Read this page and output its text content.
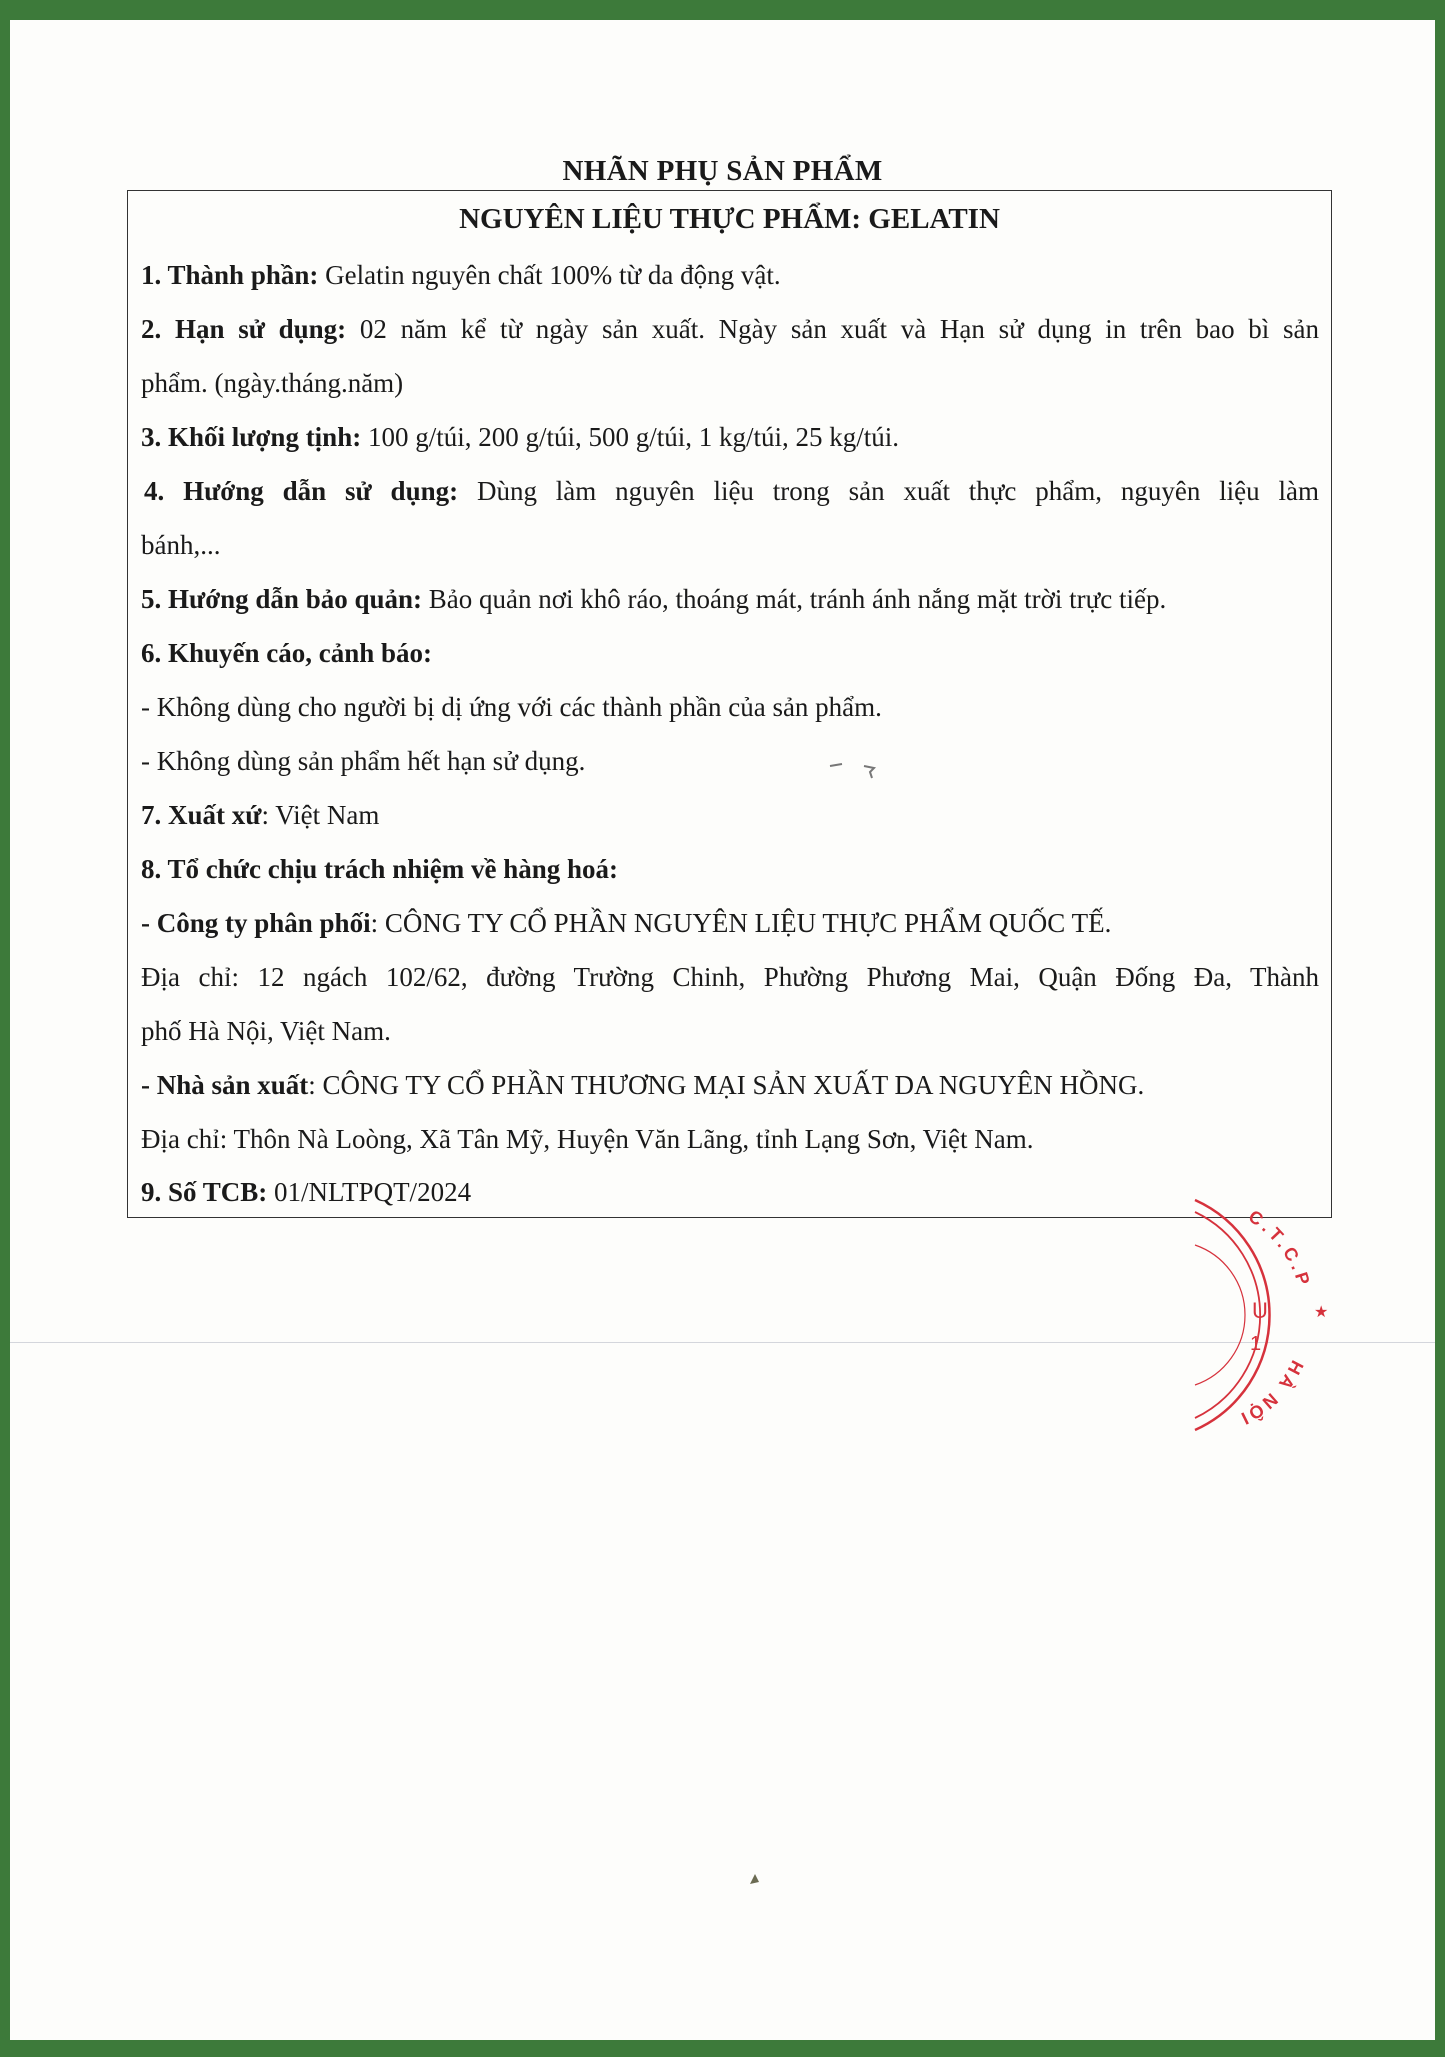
NHÃN PHỤ SẢN PHẨM
NGUYÊN LIỆU THỰC PHẨM: GELATIN
1. Thành phần: Gelatin nguyên chất 100% từ da động vật.
2. Hạn sử dụng: 02 năm kể từ ngày sản xuất. Ngày sản xuất và Hạn sử dụng in trên bao bì sản
phẩm. (ngày.tháng.năm)
3. Khối lượng tịnh: 100 g/túi, 200 g/túi, 500 g/túi, 1 kg/túi, 25 kg/túi.
4. Hướng dẫn sử dụng: Dùng làm nguyên liệu trong sản xuất thực phẩm, nguyên liệu làm
bánh,...
5. Hướng dẫn bảo quản: Bảo quản nơi khô ráo, thoáng mát, tránh ánh nắng mặt trời trực tiếp.
6. Khuyến cáo, cảnh báo:
- Không dùng cho người bị dị ứng với các thành phần của sản phẩm.
- Không dùng sản phẩm hết hạn sử dụng.
7. Xuất xứ: Việt Nam
8. Tổ chức chịu trách nhiệm về hàng hoá:
- Công ty phân phối: CÔNG TY CỔ PHẦN NGUYÊN LIỆU THỰC PHẨM QUỐC TẾ.
Địa chỉ: 12 ngách 102/62, đường Trường Chinh, Phường Phương Mai, Quận Đống Đa, Thành
phố Hà Nội, Việt Nam.
- Nhà sản xuất: CÔNG TY CỔ PHẦN THƯƠNG MẠI SẢN XUẤT DA NGUYÊN HỒNG.
Địa chỉ: Thôn Nà Loòng, Xã Tân Mỹ, Huyện Văn Lãng, tỉnh Lạng Sơn, Việt Nam.
9. Số TCB: 01/NLTPQT/2024
C.T.C.P
HÀ NỘI
★
U
1
